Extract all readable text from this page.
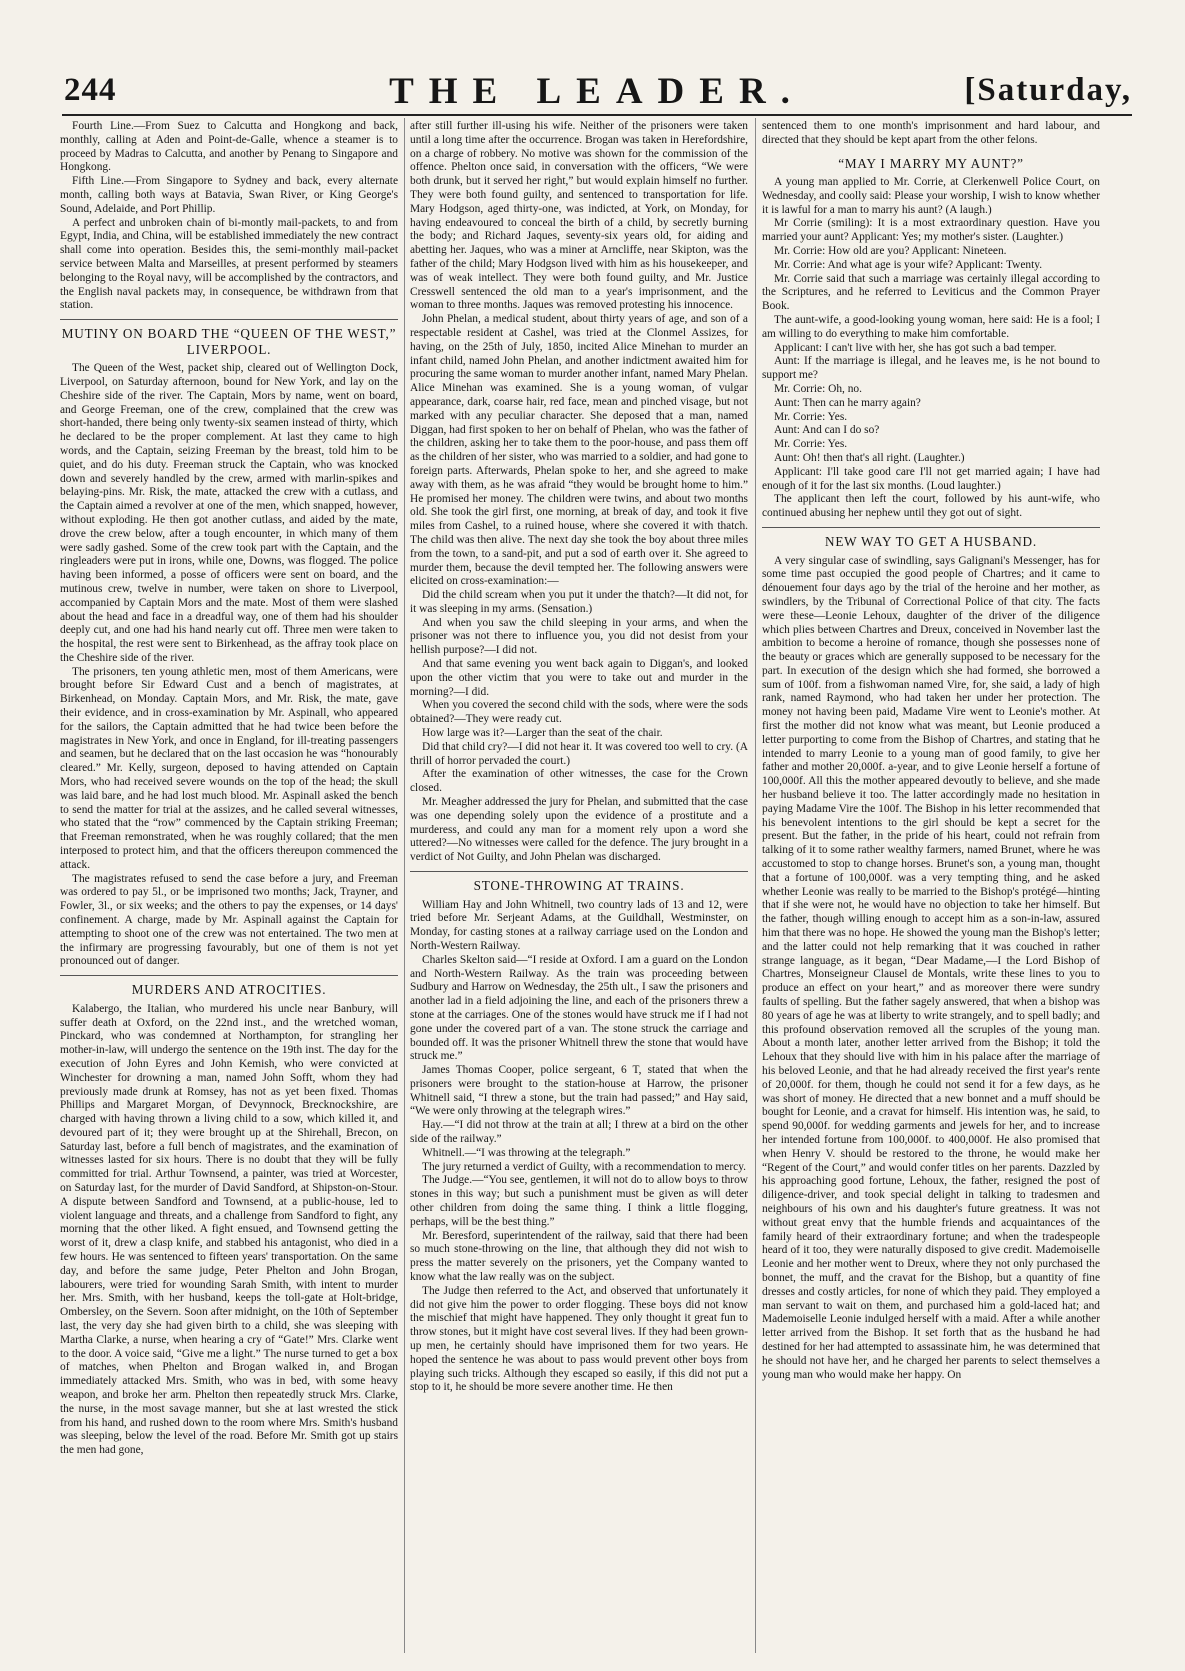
244	THE LEADER.	[Saturday,

Fourth Line.—From Suez to Calcutta and Hongkong and back, monthly, calling at Aden and Point-de-Galle, whence a steamer is to proceed by Madras to Calcutta, and another by Penang to Singapore and Hongkong.

Fifth Line.—From Singapore to Sydney and back, every alternate month, calling both ways at Batavia, Swan River, or King George's Sound, Adelaide, and Port Phillip.

A perfect and unbroken chain of bi-montly mail-packets, to and from Egypt, India, and China, will be established immediately the new contract shall come into operation. Besides this, the semi-monthly mail-packet service between Malta and Marseilles, at present performed by steamers belonging to the Royal navy, will be accomplished by the contractors, and the English naval packets may, in consequence, be withdrawn from that station.

MUTINY ON BOARD THE “QUEEN OF THE WEST,” LIVERPOOL.

The Queen of the West, packet ship, cleared out of Wellington Dock, Liverpool, on Saturday afternoon, bound for New York, and lay on the Cheshire side of the river. The Captain, Mors by name, went on board, and George Freeman, one of the crew, complained that the crew was short-handed, there being only twenty-six seamen instead of thirty, which he declared to be the proper complement. At last they came to high words, and the Captain, seizing Freeman by the breast, told him to be quiet, and do his duty. Freeman struck the Captain, who was knocked down and severely handled by the crew, armed with marlin-spikes and belaying-pins. Mr. Risk, the mate, attacked the crew with a cutlass, and the Captain aimed a revolver at one of the men, which snapped, however, without exploding. He then got another cutlass, and aided by the mate, drove the crew below, after a tough encounter, in which many of them were sadly gashed. Some of the crew took part with the Captain, and the ringleaders were put in irons, while one, Downs, was flogged. The police having been informed, a posse of officers were sent on board, and the mutinous crew, twelve in number, were taken on shore to Liverpool, accompanied by Captain Mors and the mate. Most of them were slashed about the head and face in a dreadful way, one of them had his shoulder deeply cut, and one had his hand nearly cut off. Three men were taken to the hospital, the rest were sent to Birkenhead, as the affray took place on the Cheshire side of the river.

The prisoners, ten young athletic men, most of them Americans, were brought before Sir Edward Cust and a bench of magistrates, at Birkenhead, on Monday. Captain Mors, and Mr. Risk, the mate, gave their evidence, and in cross-examination by Mr. Aspinall, who appeared for the sailors, the Captain admitted that he had twice been before the magistrates in New York, and once in England, for ill-treating passengers and seamen, but he declared that on the last occasion he was “honourably cleared.” Mr. Kelly, surgeon, deposed to having attended on Captain Mors, who had received severe wounds on the top of the head; the skull was laid bare, and he had lost much blood. Mr. Aspinall asked the bench to send the matter for trial at the assizes, and he called several witnesses, who stated that the “row” commenced by the Captain striking Freeman; that Freeman remonstrated, when he was roughly collared; that the men interposed to protect him, and that the officers thereupon commenced the attack.

The magistrates refused to send the case before a jury, and Freeman was ordered to pay 5l., or be imprisoned two months; Jack, Trayner, and Fowler, 3l., or six weeks; and the others to pay the expenses, or 14 days' confinement. A charge, made by Mr. Aspinall against the Captain for attempting to shoot one of the crew was not entertained. The two men at the infirmary are progressing favourably, but one of them is not yet pronounced out of danger.

MURDERS AND ATROCITIES.

Kalabergo, the Italian, who murdered his uncle near Banbury, will suffer death at Oxford, on the 22nd inst., and the wretched woman, Pinckard, who was condemned at Northampton, for strangling her mother-in-law, will undergo the sentence on the 19th inst. The day for the execution of John Eyres and John Kemish, who were convicted at Winchester for drowning a man, named John Sofft, whom they had previously made drunk at Romsey, has not as yet been fixed. Thomas Phillips and Margaret Morgan, of Devynnock, Brecknockshire, are charged with having thrown a living child to a sow, which killed it, and devoured part of it; they were brought up at the Shirehall, Brecon, on Saturday last, before a full bench of magistrates, and the examination of witnesses lasted for six hours. There is no doubt that they will be fully committed for trial. Arthur Townsend, a painter, was tried at Worcester, on Saturday last, for the murder of David Sandford, at Shipston-on-Stour. A dispute between Sandford and Townsend, at a public-house, led to violent language and threats, and a challenge from Sandford to fight, any morning that the other liked. A fight ensued, and Townsend getting the worst of it, drew a clasp knife, and stabbed his antagonist, who died in a few hours. He was sentenced to fifteen years' transportation. On the same day, and before the same judge, Peter Phelton and John Brogan, labourers, were tried for wounding Sarah Smith, with intent to murder her. Mrs. Smith, with her husband, keeps the toll-gate at Holt-bridge, Ombersley, on the Severn. Soon after midnight, on the 10th of September last, the very day she had given birth to a child, she was sleeping with Martha Clarke, a nurse, when hearing a cry of “Gate!” Mrs. Clarke went to the door. A voice said, “Give me a light.” The nurse turned to get a box of matches, when Phelton and Brogan walked in, and Brogan immediately attacked Mrs. Smith, who was in bed, with some heavy weapon, and broke her arm. Phelton then repeatedly struck Mrs. Clarke, the nurse, in the most savage manner, but she at last wrested the stick from his hand, and rushed down to the room where Mrs. Smith's husband was sleeping, below the level of the road. Before Mr. Smith got up stairs the men had gone,

after still further ill-using his wife. Neither of the prisoners were taken until a long time after the occurrence. Brogan was taken in Herefordshire, on a charge of robbery. No motive was shown for the commission of the offence. Phelton once said, in conversation with the officers, “We were both drunk, but it served her right,” but would explain himself no further. They were both found guilty, and sentenced to transportation for life. Mary Hodgson, aged thirty-one, was indicted, at York, on Monday, for having endeavoured to conceal the birth of a child, by secretly burning the body; and Richard Jaques, seventy-six years old, for aiding and abetting her. Jaques, who was a miner at Arncliffe, near Skipton, was the father of the child; Mary Hodgson lived with him as his housekeeper, and was of weak intellect. They were both found guilty, and Mr. Justice Cresswell sentenced the old man to a year's imprisonment, and the woman to three months. Jaques was removed protesting his innocence.

John Phelan, a medical student, about thirty years of age, and son of a respectable resident at Cashel, was tried at the Clonmel Assizes, for having, on the 25th of July, 1850, incited Alice Minehan to murder an infant child, named John Phelan, and another indictment awaited him for procuring the same woman to murder another infant, named Mary Phelan. Alice Minehan was examined. She is a young woman, of vulgar appearance, dark, coarse hair, red face, mean and pinched visage, but not marked with any peculiar character. She deposed that a man, named Diggan, had first spoken to her on behalf of Phelan, who was the father of the children, asking her to take them to the poor-house, and pass them off as the children of her sister, who was married to a soldier, and had gone to foreign parts. Afterwards, Phelan spoke to her, and she agreed to make away with them, as he was afraid “they would be brought home to him.” He promised her money. The children were twins, and about two months old. She took the girl first, one morning, at break of day, and took it five miles from Cashel, to a ruined house, where she covered it with thatch. The child was then alive. The next day she took the boy about three miles from the town, to a sand-pit, and put a sod of earth over it. She agreed to murder them, because the devil tempted her. The following answers were elicited on cross-examination:—

Did the child scream when you put it under the thatch?—It did not, for it was sleeping in my arms. (Sensation.)

And when you saw the child sleeping in your arms, and when the prisoner was not there to influence you, you did not desist from your hellish purpose?—I did not.

And that same evening you went back again to Diggan's, and looked upon the other victim that you were to take out and murder in the morning?—I did.

When you covered the second child with the sods, where were the sods obtained?—They were ready cut.

How large was it?—Larger than the seat of the chair.

Did that child cry?—I did not hear it. It was covered too well to cry. (A thrill of horror pervaded the court.)

After the examination of other witnesses, the case for the Crown closed.

Mr. Meagher addressed the jury for Phelan, and submitted that the case was one depending solely upon the evidence of a prostitute and a murderess, and could any man for a moment rely upon a word she uttered?—No witnesses were called for the defence. The jury brought in a verdict of Not Guilty, and John Phelan was discharged.

STONE-THROWING AT TRAINS.

William Hay and John Whitnell, two country lads of 13 and 12, were tried before Mr. Serjeant Adams, at the Guildhall, Westminster, on Monday, for casting stones at a railway carriage used on the London and North-Western Railway.

Charles Skelton said—“I reside at Oxford. I am a guard on the London and North-Western Railway. As the train was proceeding between Sudbury and Harrow on Wednesday, the 25th ult., I saw the prisoners and another lad in a field adjoining the line, and each of the prisoners threw a stone at the carriages. One of the stones would have struck me if I had not gone under the covered part of a van. The stone struck the carriage and bounded off. It was the prisoner Whitnell threw the stone that would have struck me.”

James Thomas Cooper, police sergeant, 6 T, stated that when the prisoners were brought to the station-house at Harrow, the prisoner Whitnell said, “I threw a stone, but the train had passed;” and Hay said, “We were only throwing at the telegraph wires.”

Hay.—“I did not throw at the train at all; I threw at a bird on the other side of the railway.”

Whitnell.—“I was throwing at the telegraph.”

The jury returned a verdict of Guilty, with a recommendation to mercy.

The Judge.—“You see, gentlemen, it will not do to allow boys to throw stones in this way; but such a punishment must be given as will deter other children from doing the same thing. I think a little flogging, perhaps, will be the best thing.”

Mr. Beresford, superintendent of the railway, said that there had been so much stone-throwing on the line, that although they did not wish to press the matter severely on the prisoners, yet the Company wanted to know what the law really was on the subject.

The Judge then referred to the Act, and observed that unfortunately it did not give him the power to order flogging. These boys did not know the mischief that might have happened. They only thought it great fun to throw stones, but it might have cost several lives. If they had been grown-up men, he certainly should have imprisoned them for two years. He hoped the sentence he was about to pass would prevent other boys from playing such tricks. Although they escaped so easily, if this did not put a stop to it, he should be more severe another time. He then

sentenced them to one month's imprisonment and hard labour, and directed that they should be kept apart from the other felons.

“MAY I MARRY MY AUNT?”

A young man applied to Mr. Corrie, at Clerkenwell Police Court, on Wednesday, and coolly said: Please your worship, I wish to know whether it is lawful for a man to marry his aunt? (A laugh.)

Mr Corrie (smiling): It is a most extraordinary question. Have you married your aunt? Applicant: Yes; my mother's sister. (Laughter.)

Mr. Corrie: How old are you? Applicant: Nineteen.

Mr. Corrie: And what age is your wife? Applicant: Twenty.

Mr. Corrie said that such a marriage was certainly illegal according to the Scriptures, and he referred to Leviticus and the Common Prayer Book.

The aunt-wife, a good-looking young woman, here said: He is a fool; I am willing to do everything to make him comfortable.

Applicant: I can't live with her, she has got such a bad temper.

Aunt: If the marriage is illegal, and he leaves me, is he not bound to support me?

Mr. Corrie: Oh, no.

Aunt: Then can he marry again?

Mr. Corrie: Yes.

Aunt: And can I do so?

Mr. Corrie: Yes.

Aunt: Oh! then that's all right. (Laughter.)

Applicant: I'll take good care I'll not get married again; I have had enough of it for the last six months. (Loud laughter.)

The applicant then left the court, followed by his aunt-wife, who continued abusing her nephew until they got out of sight.

NEW WAY TO GET A HUSBAND.

A very singular case of swindling, says Galignani's Messenger, has for some time past occupied the good people of Chartres; and it came to dénouement four days ago by the trial of the heroine and her mother, as swindlers, by the Tribunal of Correctional Police of that city. The facts were these—Leonie Lehoux, daughter of the driver of the diligence which plies between Chartres and Dreux, conceived in November last the ambition to become a heroine of romance, though she possesses none of the beauty or graces which are generally supposed to be necessary for the part. In execution of the design which she had formed, she borrowed a sum of 100f. from a fishwoman named Vire, for, she said, a lady of high rank, named Raymond, who had taken her under her protection. The money not having been paid, Madame Vire went to Leonie's mother. At first the mother did not know what was meant, but Leonie produced a letter purporting to come from the Bishop of Chartres, and stating that he intended to marry Leonie to a young man of good family, to give her father and mother 20,000f. a-year, and to give Leonie herself a fortune of 100,000f. All this the mother appeared devoutly to believe, and she made her husband believe it too. The latter accordingly made no hesitation in paying Madame Vire the 100f. The Bishop in his letter recommended that his benevolent intentions to the girl should be kept a secret for the present. But the father, in the pride of his heart, could not refrain from talking of it to some rather wealthy farmers, named Brunet, where he was accustomed to stop to change horses. Brunet's son, a young man, thought that a fortune of 100,000f. was a very tempting thing, and he asked whether Leonie was really to be married to the Bishop's protégé—hinting that if she were not, he would have no objection to take her himself. But the father, though willing enough to accept him as a son-in-law, assured him that there was no hope. He showed the young man the Bishop's letter; and the latter could not help remarking that it was couched in rather strange language, as it began, “Dear Madame,—I the Lord Bishop of Chartres, Monseigneur Clausel de Montals, write these lines to you to produce an effect on your heart,” and as moreover there were sundry faults of spelling. But the father sagely answered, that when a bishop was 80 years of age he was at liberty to write strangely, and to spell badly; and this profound observation removed all the scruples of the young man. About a month later, another letter arrived from the Bishop; it told the Lehoux that they should live with him in his palace after the marriage of his beloved Leonie, and that he had already received the first year's rente of 20,000f. for them, though he could not send it for a few days, as he was short of money. He directed that a new bonnet and a muff should be bought for Leonie, and a cravat for himself. His intention was, he said, to spend 90,000f. for wedding garments and jewels for her, and to increase her intended fortune from 100,000f. to 400,000f. He also promised that when Henry V. should be restored to the throne, he would make her “Regent of the Court,” and would confer titles on her parents. Dazzled by his approaching good fortune, Lehoux, the father, resigned the post of diligence-driver, and took special delight in talking to tradesmen and neighbours of his own and his daughter's future greatness. It was not without great envy that the humble friends and acquaintances of the family heard of their extraordinary fortune; and when the tradespeople heard of it too, they were naturally disposed to give credit. Mademoiselle Leonie and her mother went to Dreux, where they not only purchased the bonnet, the muff, and the cravat for the Bishop, but a quantity of fine dresses and costly articles, for none of which they paid. They employed a man servant to wait on them, and purchased him a gold-laced hat; and Mademoiselle Leonie indulged herself with a maid. After a while another letter arrived from the Bishop. It set forth that as the husband he had destined for her had attempted to assassinate him, he was determined that he should not have her, and he charged her parents to select themselves a young man who would make her happy. On
